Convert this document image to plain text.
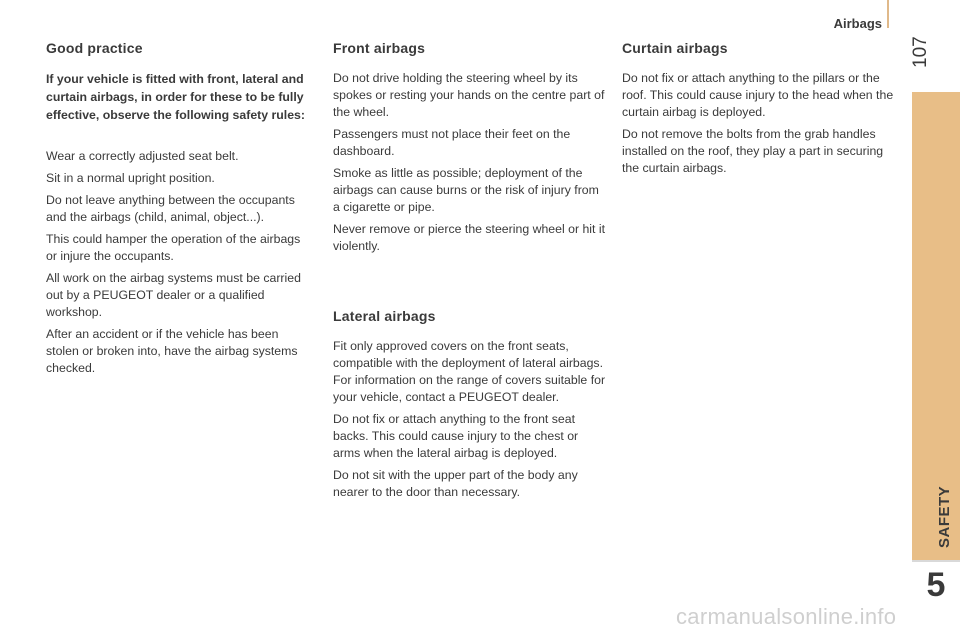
Airbags
107
SAFETY
5
Good practice
If your vehicle is fitted with front, lateral and curtain airbags, in order for these to be fully effective, observe the following safety rules:

Wear a correctly adjusted seat belt.

Sit in a normal upright position.

Do not leave anything between the occupants and the airbags (child, animal, object...).

This could hamper the operation of the airbags or injure the occupants.

All work on the airbag systems must be carried out by a PEUGEOT dealer or a qualified workshop.

After an accident or if the vehicle has been stolen or broken into, have the airbag systems checked.

Front airbags

Do not drive holding the steering wheel by its spokes or resting your hands on the centre part of the wheel.

Passengers must not place their feet on the dashboard.

Smoke as little as possible; deployment of the airbags can cause burns or the risk of injury from a cigarette or pipe.

Never remove or pierce the steering wheel or hit it violently.

Lateral airbags

Fit only approved covers on the front seats, compatible with the deployment of lateral airbags. For information on the range of covers suitable for your vehicle, contact a PEUGEOT dealer.

Do not fix or attach anything to the front seat backs. This could cause injury to the chest or arms when the lateral airbag is deployed.

Do not sit with the upper part of the body any nearer to the door than necessary.

Curtain airbags

Do not fix or attach anything to the pillars or the roof. This could cause injury to the head when the curtain airbag is deployed.

Do not remove the bolts from the grab handles installed on the roof, they play a part in securing the curtain airbags.

carmanualsonline.info
